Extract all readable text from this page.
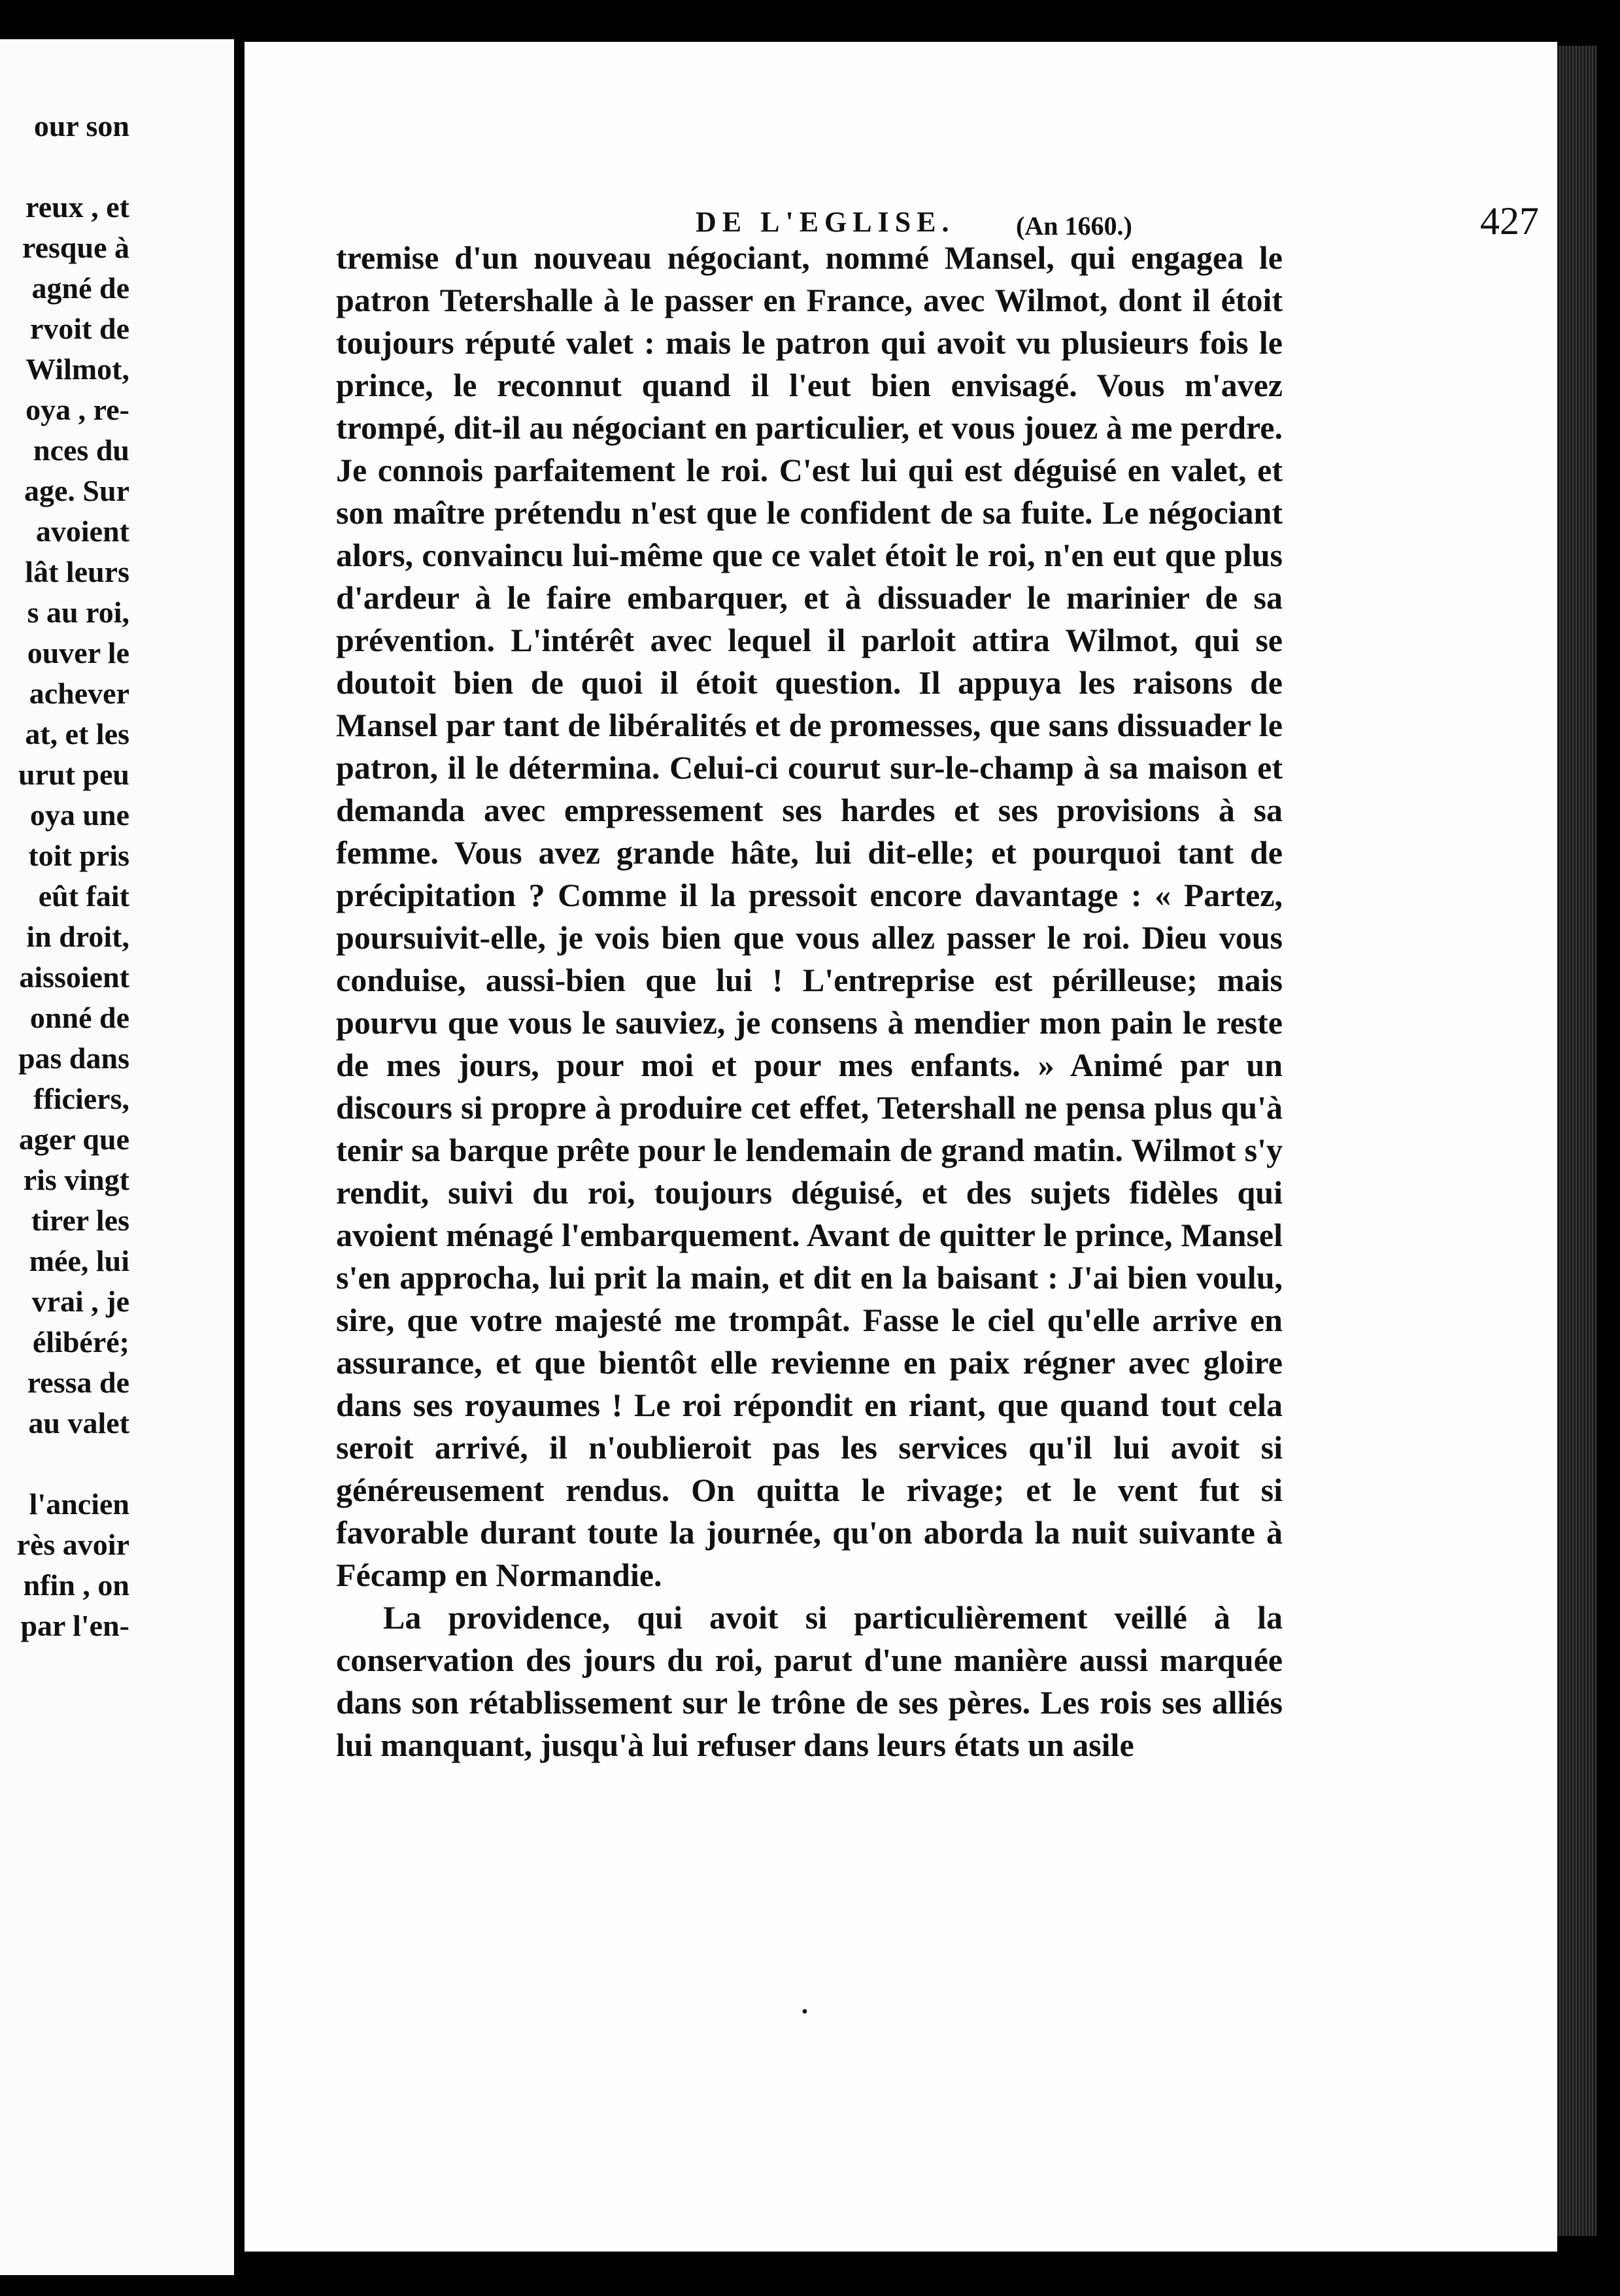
our son
reux , et
resque à
agné de
rvoit de
Wilmot,
oya , re-
nces du
age. Sur
avoient
lât leurs
s au roi,
ouver le
achever
at, et les
urut peu
oya une
toit pris
eût fait
in droit,
aissoient
onné de
pas dans
fficiers,
ager que
ris vingt
tirer les
mée, lui
vrai , je
élibéré;
ressa de
au valet
l'ancien
rès avoir
nfin , on
par l'en-
DE L'EGLISE. (An 1660.)	427

tremise d'un nouveau négociant, nommé Mansel, qui engagea le patron Tetershalle à le passer en France, avec Wilmot, dont il étoit toujours réputé valet : mais le patron qui avoit vu plusieurs fois le prince, le reconnut quand il l'eut bien envisagé. Vous m'avez trompé, dit-il au négociant en particulier, et vous jouez à me perdre. Je connois parfaitement le roi. C'est lui qui est déguisé en valet, et son maître prétendu n'est que le confident de sa fuite. Le négociant alors, convaincu lui-même que ce valet étoit le roi, n'en eut que plus d'ardeur à le faire embarquer, et à dissuader le marinier de sa prévention. L'intérêt avec lequel il parloit attira Wilmot, qui se doutoit bien de quoi il étoit question. Il appuya les raisons de Mansel par tant de libéralités et de promesses, que sans dissuader le patron, il le détermina. Celui-ci courut sur-le-champ à sa maison et demanda avec empressement ses hardes et ses provisions à sa femme. Vous avez grande hâte, lui dit-elle; et pourquoi tant de précipitation ? Comme il la pressoit encore davantage : « Partez, poursuivit-elle, je vois bien que vous allez passer le roi. Dieu vous conduise, aussi-bien que lui ! L'entreprise est périlleuse; mais pourvu que vous le sauviez, je consens à mendier mon pain le reste de mes jours, pour moi et pour mes enfants. » Animé par un discours si propre à produire cet effet, Tetershall ne pensa plus qu'à tenir sa barque prête pour le lendemain de grand matin. Wilmot s'y rendit, suivi du roi, toujours déguisé, et des sujets fidèles qui avoient ménagé l'embarquement. Avant de quitter le prince, Mansel s'en approcha, lui prit la main, et dit en la baisant : J'ai bien voulu, sire, que votre majesté me trompât. Fasse le ciel qu'elle arrive en assurance, et que bientôt elle revienne en paix régner avec gloire dans ses royaumes ! Le roi répondit en riant, que quand tout cela seroit arrivé, il n'oublieroit pas les services qu'il lui avoit si généreusement rendus. On quitta le rivage; et le vent fut si favorable durant toute la journée, qu'on aborda la nuit suivante à Fécamp en Normandie.

La providence, qui avoit si particulièrement veillé à la conservation des jours du roi, parut d'une manière aussi marquée dans son rétablissement sur le trône de ses pères. Les rois ses alliés lui manquant, jusqu'à lui refuser dans leurs états un asile

•
